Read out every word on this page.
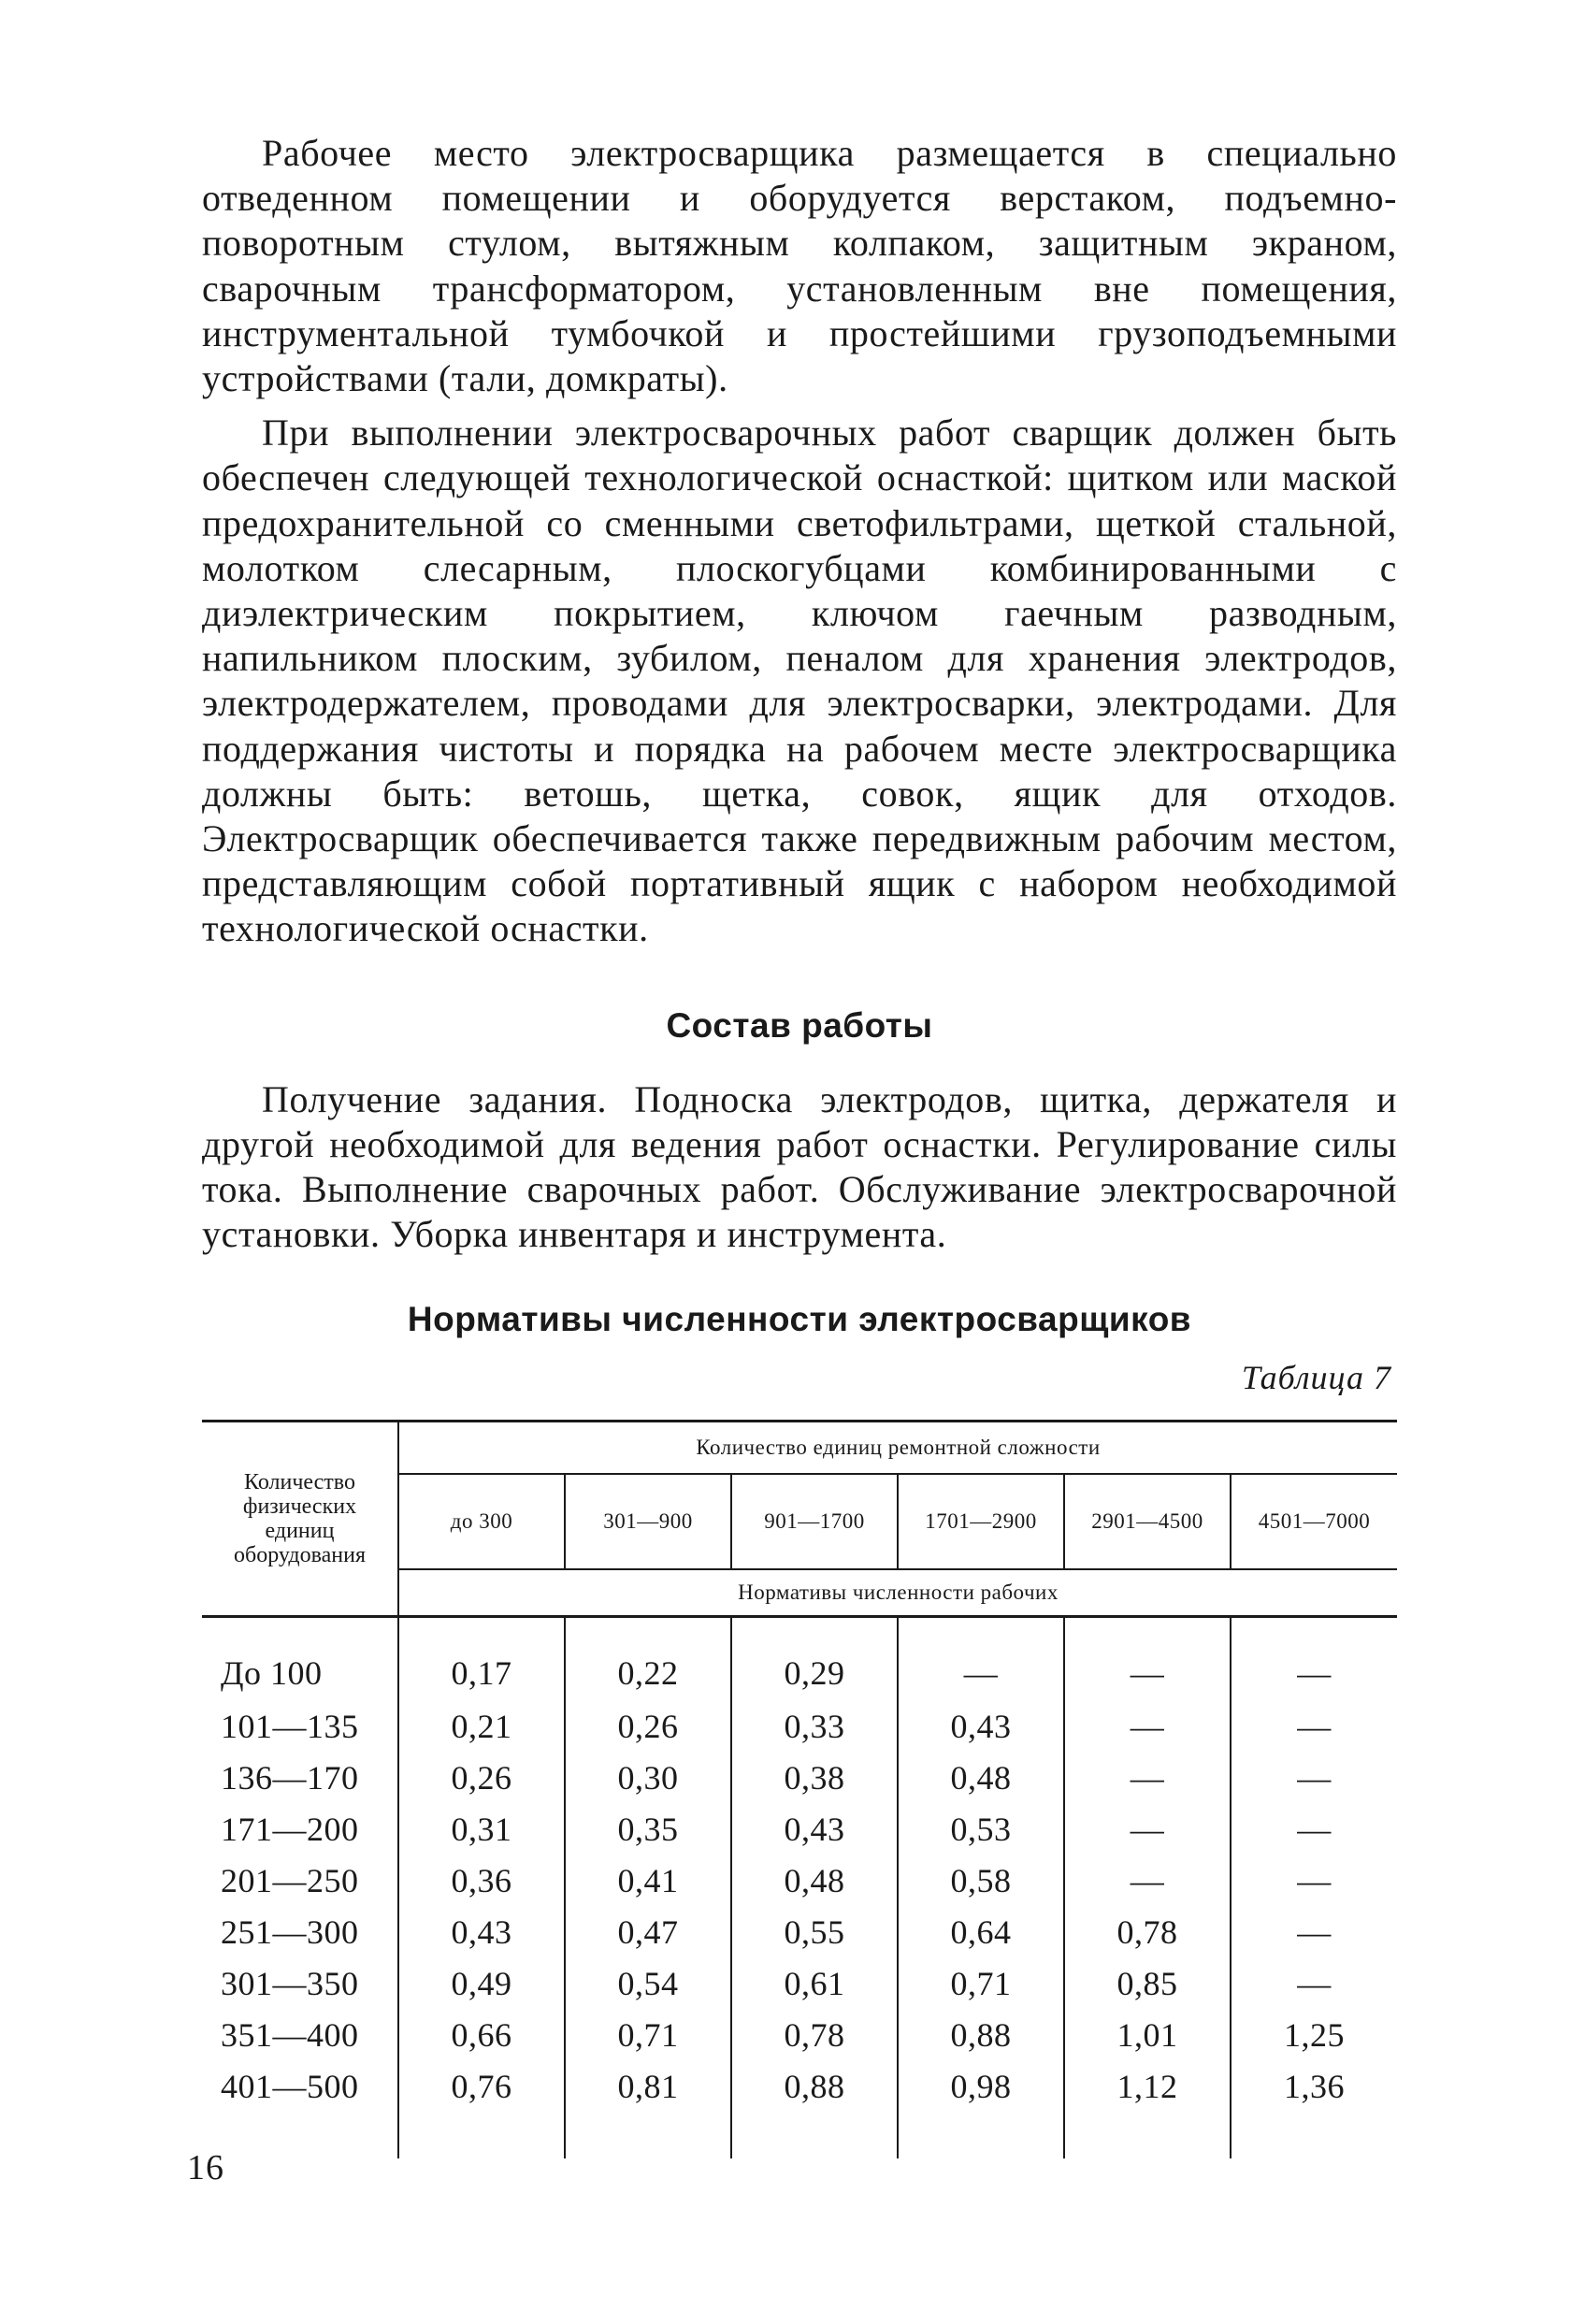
Рабочее место электросварщика размещается в специально отведенном помещении и оборудуется верстаком, подъемно-поворотным стулом, вытяжным колпаком, защитным экраном, сварочным трансформатором, установленным вне помещения, инструментальной тумбочкой и простейшими грузоподъемными устройствами (тали, домкраты).

При выполнении электросварочных работ сварщик должен быть обеспечен следующей технологической оснасткой: щитком или маской предохранительной со сменными светофильтрами, щеткой стальной, молотком слесарным, плоскогубцами комбинированными с диэлектрическим покрытием, ключом гаечным разводным, напильником плоским, зубилом, пеналом для хранения электродов, электродержателем, проводами для электросварки, электродами. Для поддержания чистоты и порядка на рабочем месте электросварщика должны быть: ветошь, щетка, совок, ящик для отходов. Электросварщик обеспечивается также передвижным рабочим местом, представляющим собой портативный ящик с набором необходимой технологической оснастки.

Состав работы

Получение задания. Подноска электродов, щитка, держателя и другой необходимой для ведения работ оснастки. Регулирование силы тока. Выполнение сварочных работ. Обслуживание электросварочной установки. Уборка инвентаря и инструмента.

Нормативы численности электросварщиков
Таблица 7
Количество физических единиц оборудования	Количество единиц ремонтной сложности					
	до 300	301—900	901—1700	1701—2900	2901—4500	4501—7000
	Нормативы численности рабочих					
До 100	0,17	0,22	0,29	—	—	—
101—135	0,21	0,26	0,33	0,43	—	—
136—170	0,26	0,30	0,38	0,48	—	—
171—200	0,31	0,35	0,43	0,53	—	—
201—250	0,36	0,41	0,48	0,58	—	—
251—300	0,43	0,47	0,55	0,64	0,78	—
301—350	0,49	0,54	0,61	0,71	0,85	—
351—400	0,66	0,71	0,78	0,88	1,01	1,25
401—500	0,76	0,81	0,88	0,98	1,12	1,36

16
